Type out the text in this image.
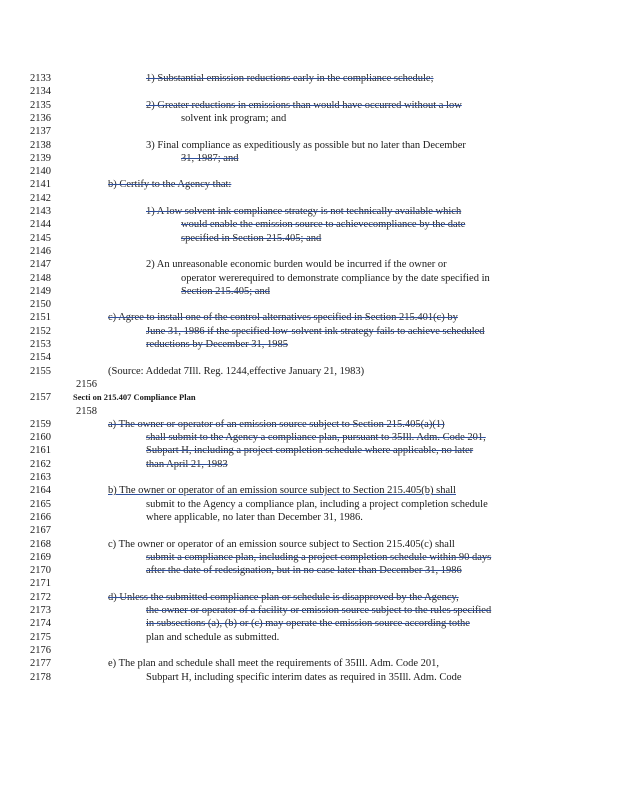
2133	1) Substantial emission reductions early in the compliance schedule;
2134
2135	2) Greater reductions in emissions than would have occurred without a low
2136	solvent ink program; and
2137
2138	3) Final compliance as expeditiously as possible but no later than December
2139	31, 1987; and
2140
2141	b) Certify to the Agency that:
2142
2143	1) A low solvent ink compliance strategy is not technically available which
2144	would enable the emission source to achievecompliance by the date
2145	specified in Section 215.405; and
2146
2147	2) An unreasonable economic burden would be incurred if the owner or
2148	operator wererequired to demonstrate compliance by the date specified in
2149	Section 215.405; and
2150
2151	c) Agree to install one of the control alternatives specified in Section 215.401(c) by
2152	June 31, 1986 if the specified low-solvent ink strategy fails to achieve scheduled
2153	reductions by December 31, 1985
2154
2155	(Source: Addedat 7Ill. Reg. 1244,effective January 21, 1983)
2156
2157	Secti on 215.407 Compliance Plan
2158
2159	a) The owner or operator of an emission source subject to Section 215.405(a)(1)
2160	shall submit to the Agency a compliance plan, pursuant to 35Ill. Adm. Code 201,
2161	Subpart H, including a project completion schedule where applicable, no later
2162	than April 21, 1983
2163
2164	b) The owner or operator of an emission source subject to Section 215.405(b) shall
2165	submit to the Agency a compliance plan, including a project completion schedule
2166	where applicable, no later than December 31, 1986.
2167
2168	c) The owner or operator of an emission source subject to Section 215.405(c) shall
2169	submit a compliance plan, including a project completion schedule within 90 days
2170	after the date of redesignation, but in no case later than December 31, 1986
2171
2172	d) Unless the submitted compliance plan or schedule is disapproved by the Agency,
2173	the owner or operator of a facility or emission source subject to the rules specified
2174	in subsections (a), (b) or (c) may operate the emission source according tothe
2175	plan and schedule as submitted.
2176
2177	e) The plan and schedule shall meet the requirements of 35Ill. Adm. Code 201,
2178	Subpart H, including specific interim dates as required in 35Ill. Adm. Code
